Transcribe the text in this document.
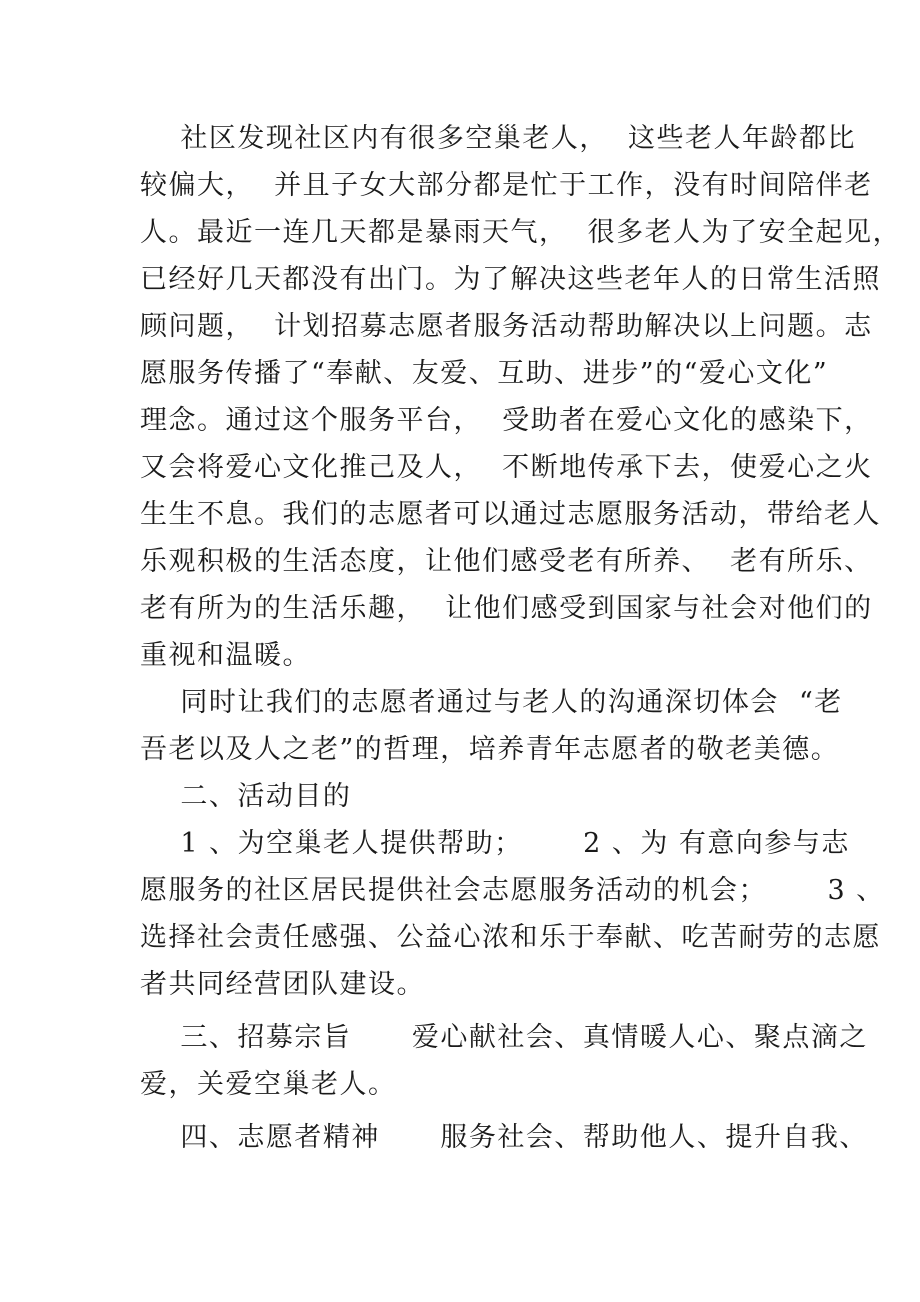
社区发现社区内有很多空巢老人，  这些老人年龄都比
较偏大，  并且子女大部分都是忙于工作，没有时间陪伴老
人。最近一连几天都是暴雨天气，  很多老人为了安全起见，
已经好几天都没有出门。为了解决这些老年人的日常生活照
顾问题，  计划招募志愿者服务活动帮助解决以上问题。志
愿服务传播了“奉献、友爱、互助、进步”的“爱心文化”
理念。通过这个服务平台，  受助者在爱心文化的感染下，
又会将爱心文化推己及人，  不断地传承下去，使爱心之火
生生不息。我们的志愿者可以通过志愿服务活动，带给老人
乐观积极的生活态度，让他们感受老有所养、  老有所乐、
老有所为的生活乐趣，  让他们感受到国家与社会对他们的
重视和温暖。
同时让我们的志愿者通过与老人的沟通深切体会  “老
吾老以及人之老”的哲理，培养青年志愿者的敬老美德。
二、活动目的
1 、为空巢老人提供帮助；      2 、为 有意向参与志
愿服务的社区居民提供社会志愿服务活动的机会；      3 、
选择社会责任感强、公益心浓和乐于奉献、吃苦耐劳的志愿
者共同经营团队建设。
三、招募宗旨      爱心献社会、真情暖人心、聚点滴之
爱，关爱空巢老人。
四、志愿者精神      服务社会、帮助他人、提升自我、
